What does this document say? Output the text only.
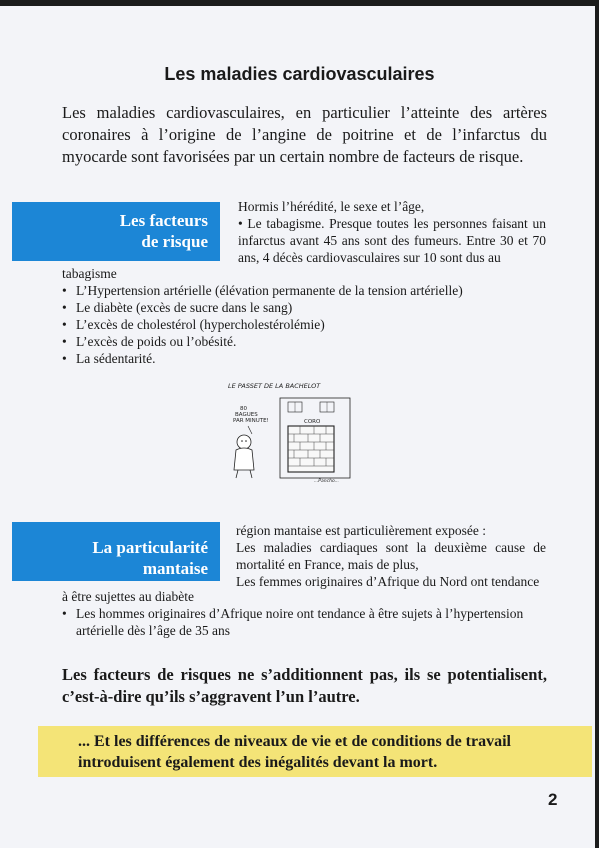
Les maladies cardiovasculaires

Les maladies cardiovasculaires, en particulier l’atteinte des artères coronaires à l’origine de l’angine de poitrine et de l’infarctus du myocarde sont favorisées par un certain nombre de facteurs de risque.

Les facteurs
de risque
Hormis l’hérédité, le sexe et l’âge,
• Le tabagisme. Presque toutes les personnes faisant un infarctus avant 45 ans sont des fumeurs. Entre 30 et 70 ans, 4 décès cardiovasculaires sur 10 sont dus au
tabagisme
• L’Hypertension artérielle (élévation permanente de la tension artérielle)
• Le diabète (excès de sucre dans le sang)
• L’excès de cholestérol (hypercholestérolémie)
• L’excès de poids ou l’obésité.
• La sédentarité.
LE PASSET DE LA BACHELOT
80 BAGUES PAR MINUTE!	CORO
...Pancho...
La particularité
mantaise
région mantaise est particulièrement exposée :
Les maladies cardiaques sont la deuxième cause de mortalité en France, mais de plus,
Les femmes originaires d’Afrique du Nord ont tendance
à être sujettes au diabète
• Les hommes originaires d’Afrique noire ont tendance à être sujets à l’hypertension artérielle dès l’âge de 35 ans

Les facteurs de risques ne s’additionnent pas, ils se potentialisent, c’est-à-dire qu’ils s’aggravent l’un l’autre.

... Et les différences de niveaux de vie et de conditions de travail introduisent également des inégalités devant la mort.
2
